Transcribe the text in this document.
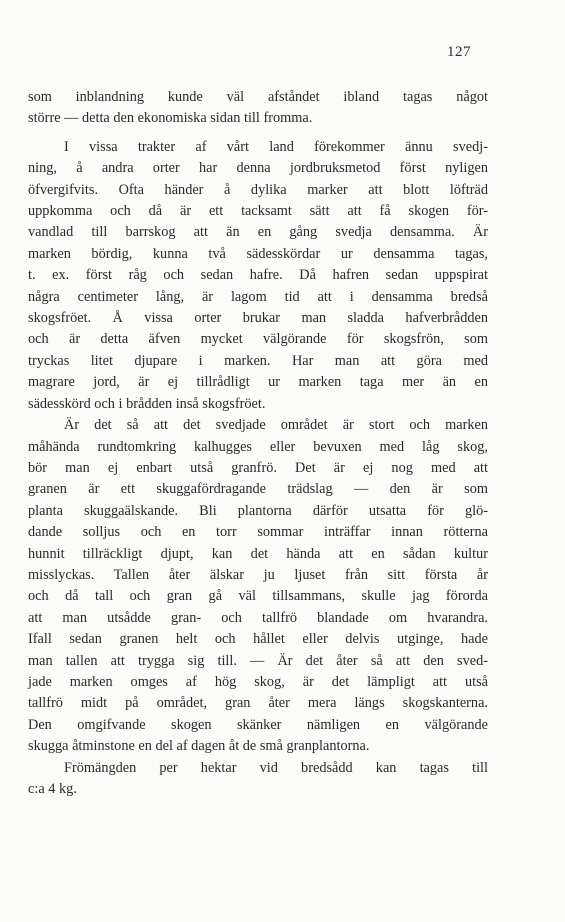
127
som inblandning kunde väl afståndet ibland tagas något
större — detta den ekonomiska sidan till fromma.
I vissa trakter af vårt land förekommer ännu svedj-
ning, å andra orter har denna jordbruksmetod först nyligen
öfvergifvits. Ofta händer å dylika marker att blott löfträd
uppkomma och då är ett tacksamt sätt att få skogen för-
vandlad till barrskog att än en gång svedja densamma. Är
marken bördig, kunna två sädesskördar ur densamma tagas,
t. ex. först råg och sedan hafre. Då hafren sedan uppspirat
några centimeter lång, är lagom tid att i densamma bredså
skogsfröet. Å vissa orter brukar man sladda hafverbrådden
och är detta äfven mycket välgörande för skogsfrön, som
tryckas litet djupare i marken. Har man att göra med
magrare jord, är ej tillrådligt ur marken taga mer än en
sädesskörd och i brådden inså skogsfröet.
Är det så att det svedjade området är stort och marken
måhända rundtomkring kalhugges eller bevuxen med låg skog,
bör man ej enbart utså granfrö. Det är ej nog med att
granen är ett skuggafördragande trädslag — den är som
planta skuggaälskande. Bli plantorna därför utsatta för glö-
dande solljus och en torr sommar inträffar innan rötterna
hunnit tillräckligt djupt, kan det hända att en sådan kultur
misslyckas. Tallen åter älskar ju ljuset från sitt första år
och då tall och gran gå väl tillsammans, skulle jag förorda
att man utsådde gran- och tallfrö blandade om hvarandra.
Ifall sedan granen helt och hållet eller delvis utginge, hade
man tallen att trygga sig till. — Är det åter så att den sved-
jade marken omges af hög skog, är det lämpligt att utså
tallfrö midt på området, gran åter mera längs skogskanterna.
Den omgifvande skogen skänker nämligen en välgörande
skugga åtminstone en del af dagen åt de små granplantorna.
Frömängden per hektar vid bredsådd kan tagas till
c:a 4 kg.
